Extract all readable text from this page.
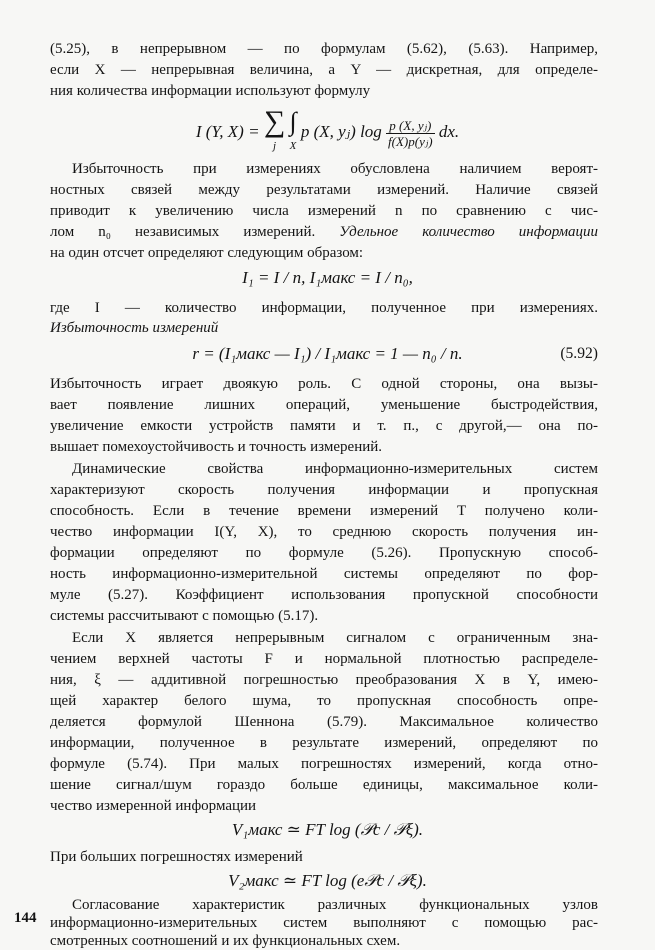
(5.25), в непрерывном — по формулам (5.62), (5.63). Например,
если X — непрерывная величина, а Y — дискретная, для определе-
ния количества информации используют формулу
I (Y, X) = ∑
j ∫
X p (X, yⱼ) $\log \frac{\text{p (X, yⱼ)}}{\text{f(X)p(yⱼ)}}$ dx.
Избыточность при измерениях обусловлена наличием вероят-
ностных связей между результатами измерений. Наличие связей
приводит к увеличению числа измерений n по сравнению с чис-
лом n₀ независимых измерений. Удельное количество информации
на один отсчет определяют следующим образом:
I₁ = I / n, I₁макс = I / n₀,
где I — количество информации, полученное при измерениях.
Избыточность измерений
r = (I₁макс — I₁) / I₁макс = 1 — n₀ / n.	(5.92)
Избыточность играет двоякую роль. С одной стороны, она вызы-
вает появление лишних операций, уменьшение быстродействия,
увеличение емкости устройств памяти и т. п., с другой,— она по-
вышает помехоустойчивость и точность измерений.
Динамические свойства информационно-измерительных систем
характеризуют скорость получения информации и пропускная
способность. Если в течение времени измерений T получено коли-
чество информации I(Y, X), то среднюю скорость получения ин-
формации определяют по формуле (5.26). Пропускную способ-
ность информационно-измерительной системы определяют по фор-
муле (5.27). Коэффициент использования пропускной способности
системы рассчитывают с помощью (5.17).
Если X является непрерывным сигналом с ограниченным зна-
чением верхней частоты F и нормальной плотностью распределе-
ния, ξ — аддитивной погрешностью преобразования X в Y, имею-
щей характер белого шума, то пропускная способность опре-
деляется формулой Шеннона (5.79). Максимальное количество
информации, полученное в результате измерений, определяют по
формуле (5.74). При малых погрешностях измерений, когда отно-
шение сигнал/шум гораздо больше единицы, максимальное коли-
чество измеренной информации
V₁макс ≃ FT log (𝒫с / 𝒫ξ).
При больших погрешностях измерений
V₂макс ≃ FT log (e𝒫с / 𝒫ξ).
Согласование характеристик различных функциональных узлов
информационно-измерительных систем выполняют с помощью рас-
144
смотренных соотношений и их функциональных схем.
